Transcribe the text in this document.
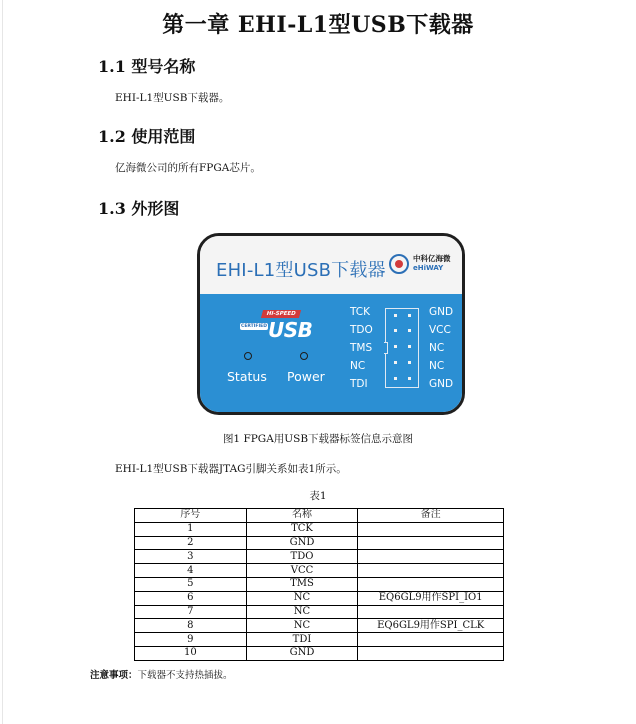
第一章 EHI-L1型USB下载器
1.1 型号名称
EHI-L1型USB下载器。
1.2 使用范围
亿海微公司的所有FPGA芯片。
1.3 外形图
EHI-L1型USB下载器
中科亿海微
eHiWAY
HI-SPEED
CERTIFIED USB
Status Power
TCK
TDO
TMS
NC
TDI
GND
VCC
NC
NC
GND
图1 FPGA用USB下载器标签信息示意图
EHI-L1型USB下载器JTAG引脚关系如表1所示。
表1
序号	名称	备注
1	TCK	
2	GND	
3	TDO	
4	VCC	
5	TMS	
6	NC	EQ6GL9用作SPI_IO1
7	NC	
8	NC	EQ6GL9用作SPI_CLK
9	TDI	
10	GND	
注意事项：下载器不支持热插拔。
